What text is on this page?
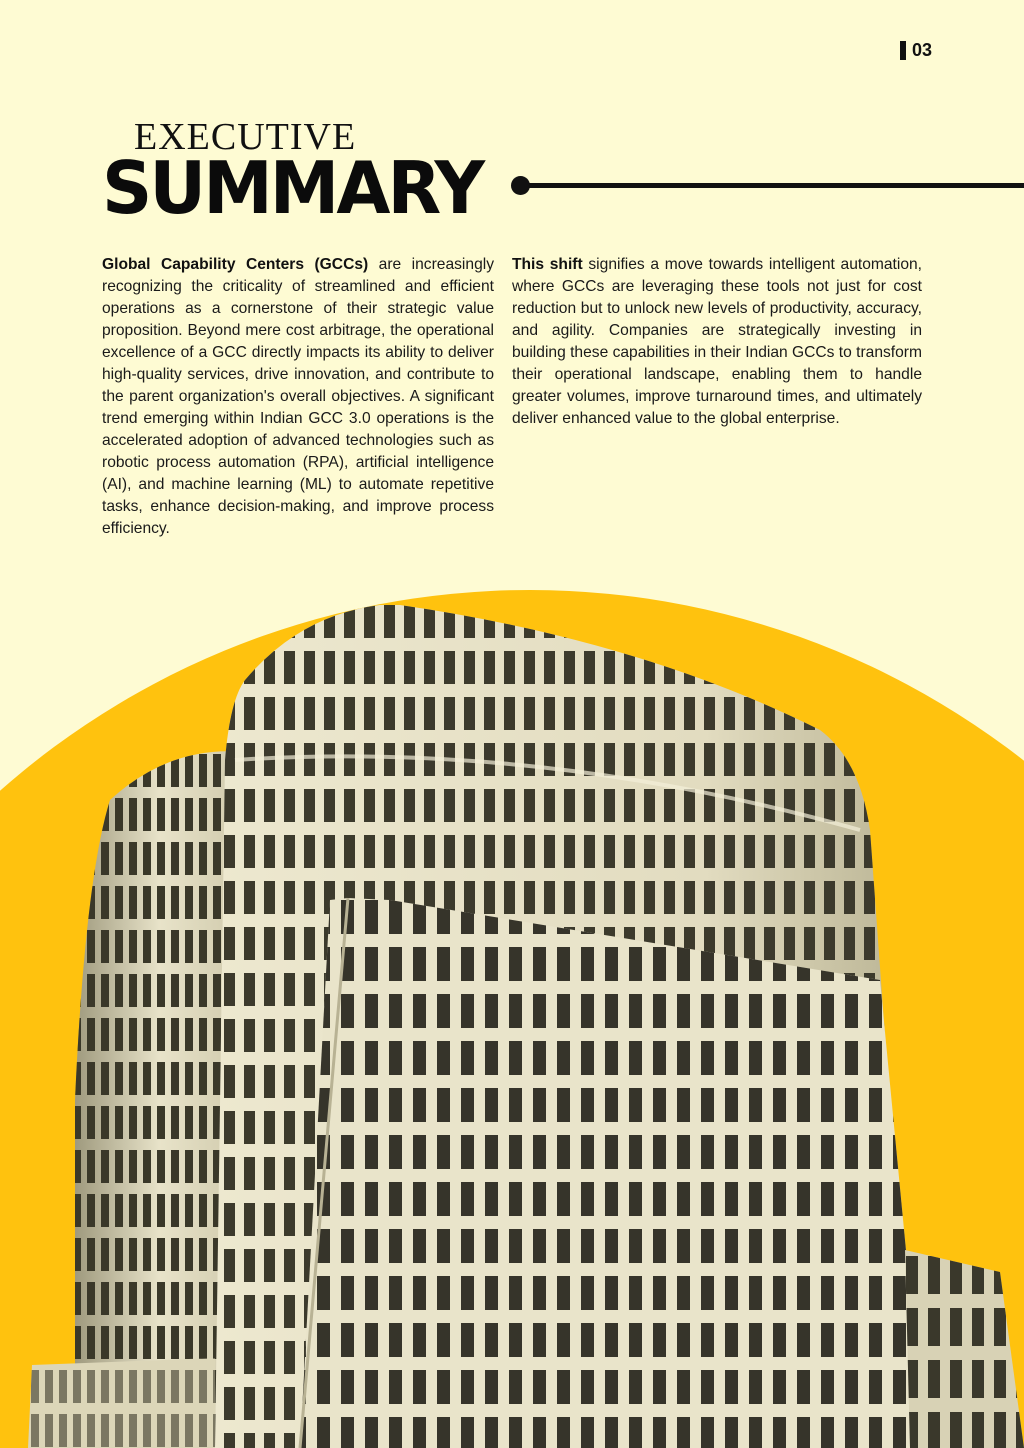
03
EXECUTIVE
SUMMARY
Global Capability Centers (GCCs) are increasingly recognizing the criticality of streamlined and efficient operations as a cornerstone of their strategic value proposition. Beyond mere cost arbitrage, the operational excellence of a GCC directly impacts its ability to deliver high-quality services, drive innovation, and contribute to the parent organization's overall objectives. A significant trend emerging within Indian GCC 3.0 operations is the accelerated adoption of advanced technologies such as robotic process automation (RPA), artificial intelligence (AI), and machine learning (ML) to automate repetitive tasks, enhance decision-making, and improve process efficiency.
This shift signifies a move towards intelligent automation, where GCCs are leveraging these tools not just for cost reduction but to unlock new levels of productivity, accuracy, and agility. Companies are strategically investing in building these capabilities in their Indian GCCs to transform their operational landscape, enabling them to handle greater volumes, improve turnaround times, and ultimately deliver enhanced value to the global enterprise.
